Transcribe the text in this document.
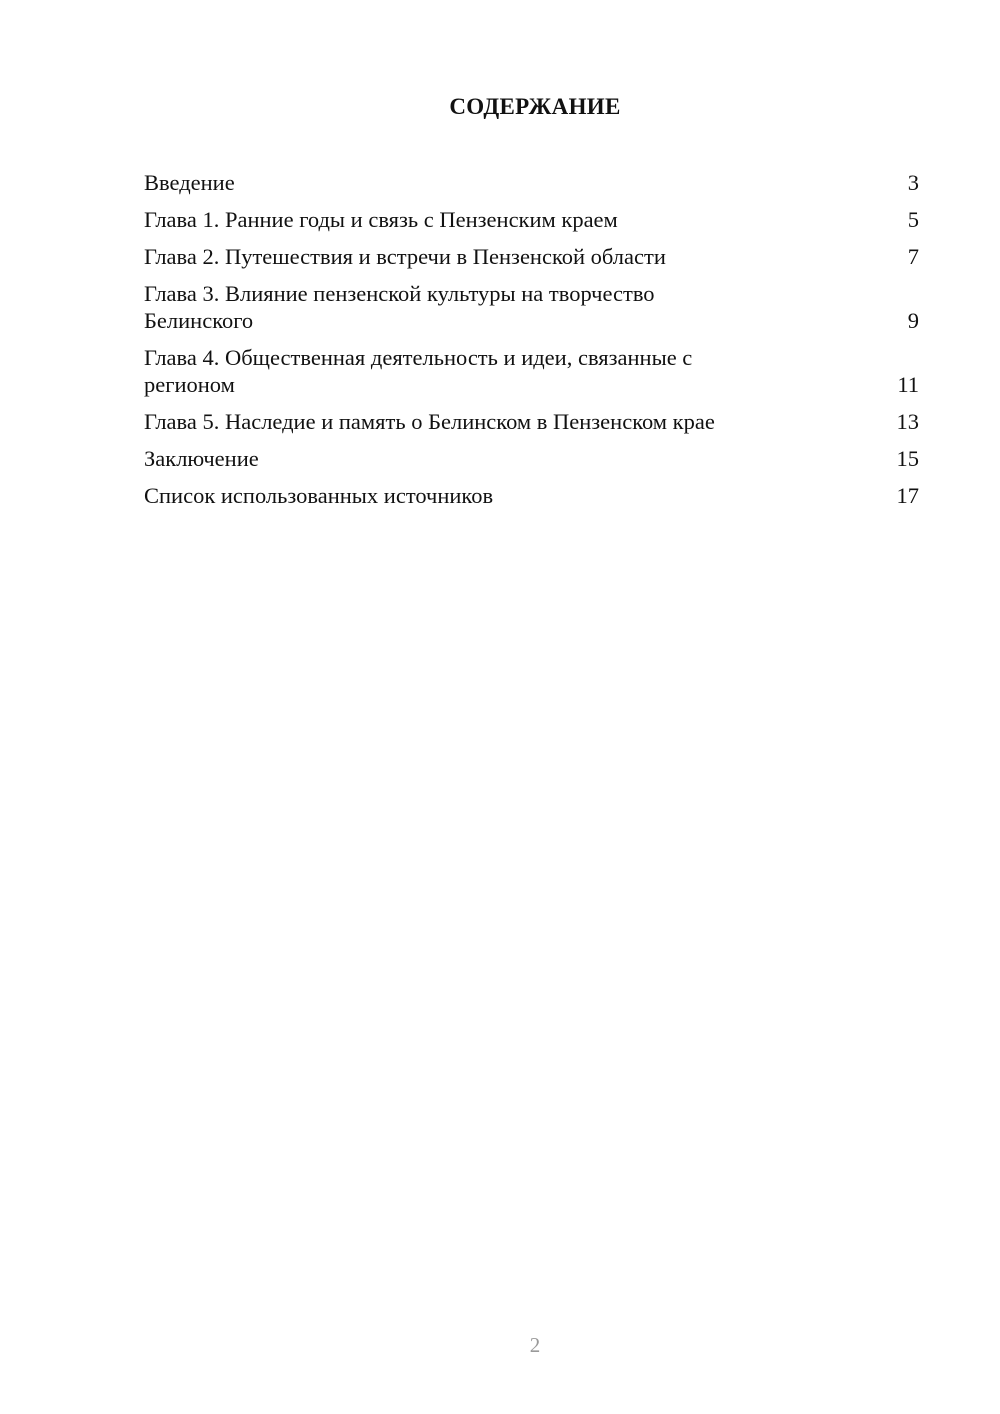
СОДЕРЖАНИЕ
Введение	3
Глава 1. Ранние годы и связь с Пензенским краем	5
Глава 2. Путешествия и встречи в Пензенской области	7
Глава 3. Влияние пензенской культуры на творчество Белинского	9
Глава 4. Общественная деятельность и идеи, связанные с регионом	11
Глава 5. Наследие и память о Белинском в Пензенском крае	13
Заключение	15
Список использованных источников	17
2
